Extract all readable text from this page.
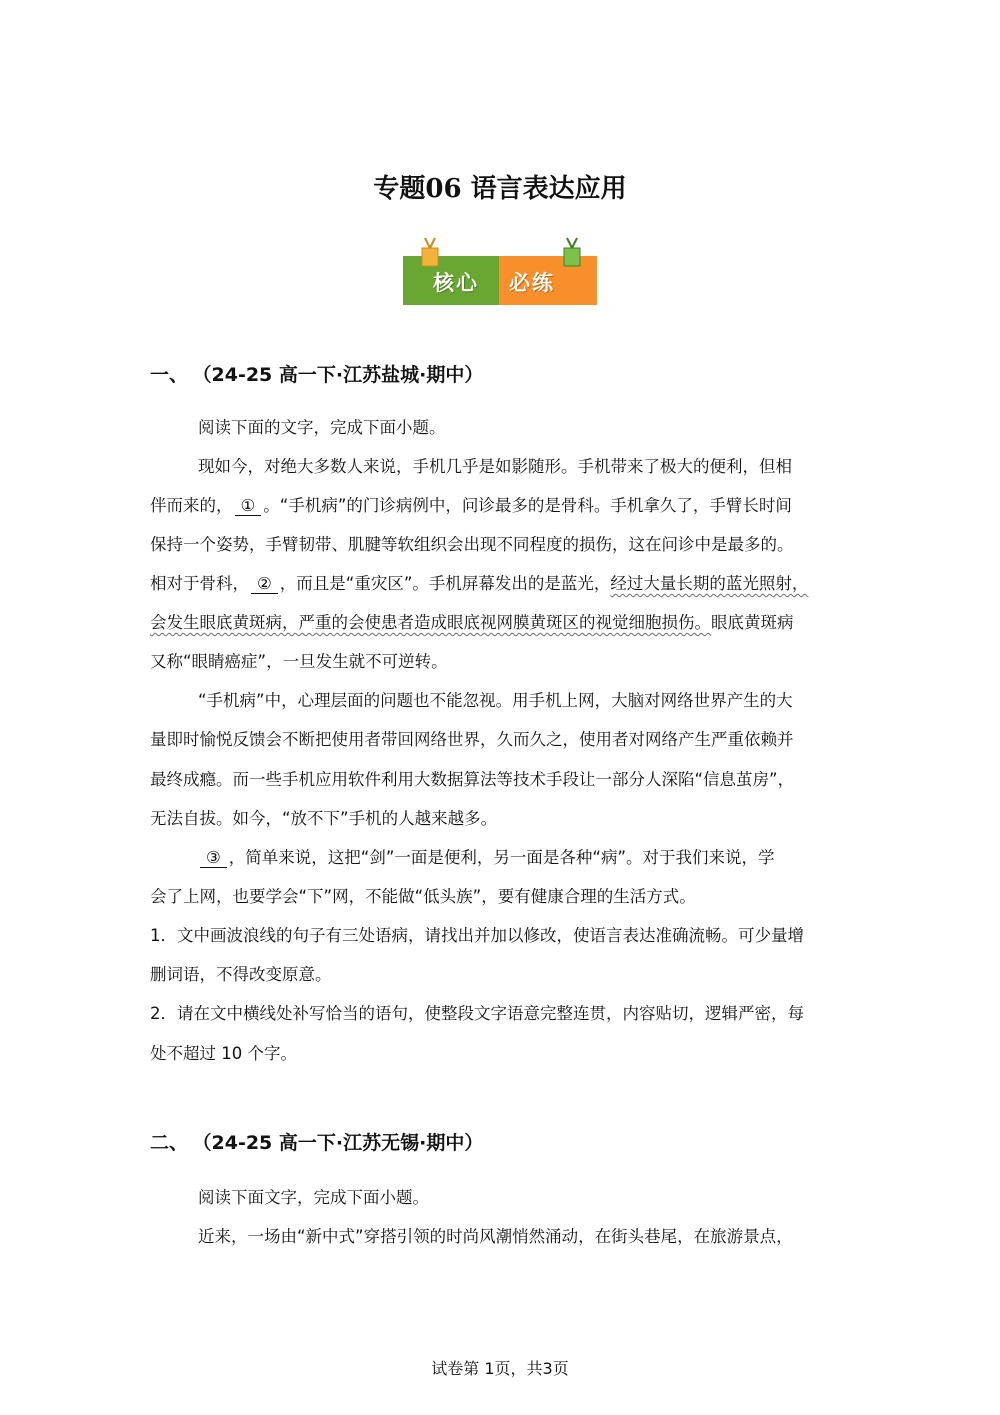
专题06 语言表达应用
核心 必练
一、 （24-25 高一下·江苏盐城·期中）
阅读下面的文字，完成下面小题。
现如今，对绝大多数人来说，手机几乎是如影随形。手机带来了极大的便利，但相
伴而来的， ① 。“手机病”的门诊病例中，问诊最多的是骨科。手机拿久了，手臂长时间
保持一个姿势，手臂韧带、肌腱等软组织会出现不同程度的损伤，这在问诊中是最多的。
相对于骨科， ② ，而且是“重灾区”。手机屏幕发出的是蓝光，经过大量长期的蓝光照射，
会发生眼底黄斑病，严重的会使患者造成眼底视网膜黄斑区的视觉细胞损伤。眼底黄斑病
又称“眼睛癌症”，一旦发生就不可逆转。
“手机病”中，心理层面的问题也不能忽视。用手机上网，大脑对网络世界产生的大
量即时愉悦反馈会不断把使用者带回网络世界，久而久之，使用者对网络产生严重依赖并
最终成瘾。而一些手机应用软件利用大数据算法等技术手段让一部分人深陷“信息茧房”，
无法自拔。如今，“放不下”手机的人越来越多。
③ ，简单来说，这把“剑”一面是便利，另一面是各种“病”。对于我们来说，学
会了上网，也要学会“下”网，不能做“低头族”，要有健康合理的生活方式。
1．文中画波浪线的句子有三处语病，请找出并加以修改，使语言表达准确流畅。可少量增
删词语，不得改变原意。
2．请在文中横线处补写恰当的语句，使整段文字语意完整连贯，内容贴切，逻辑严密，每
处不超过 10 个字。
二、 （24-25 高一下·江苏无锡·期中）
阅读下面文字，完成下面小题。
近来，一场由“新中式”穿搭引领的时尚风潮悄然涌动，在街头巷尾，在旅游景点，
试卷第 1页，共3页
